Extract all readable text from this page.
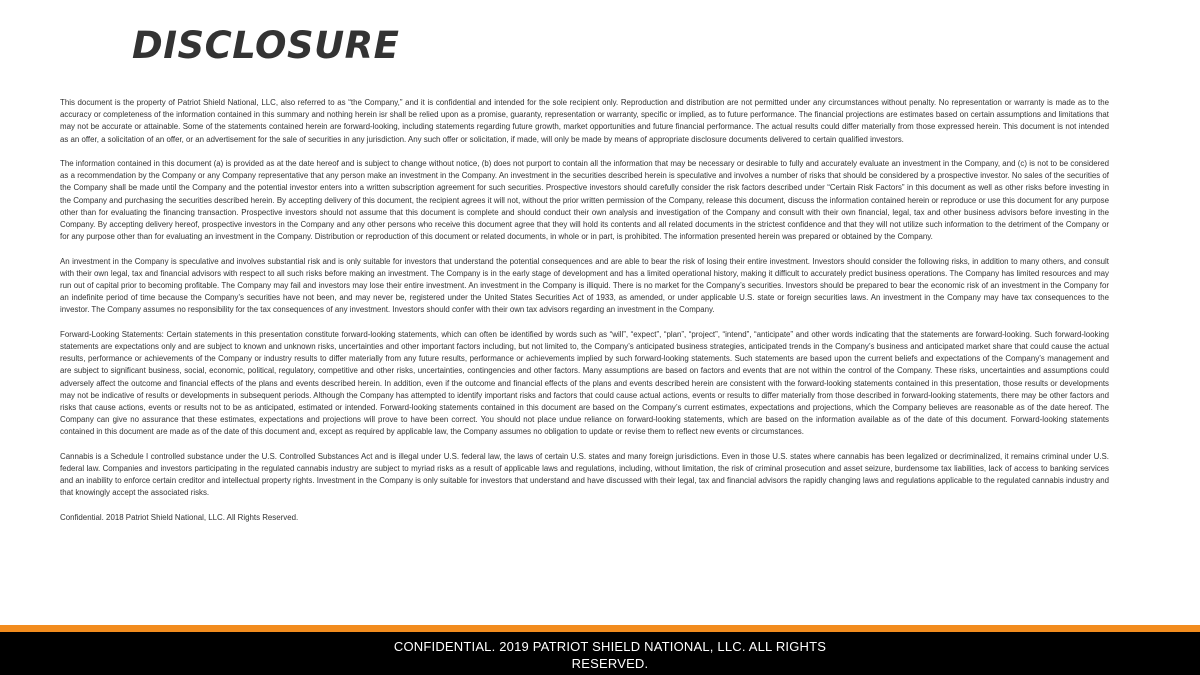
DISCLOSURE

This document is the property of Patriot Shield National, LLC, also referred to as “the Company,” and it is confidential and intended for the sole recipient only. Reproduction and distribution are not permitted under any circumstances without penalty. No representation or warranty is made as to the accuracy or completeness of the information contained in this summary and nothing herein isr shall be relied upon as a promise, guaranty, representation or warranty, specific or implied, as to future performance. The financial projections are estimates based on certain assumptions and limitations that may not be accurate or attainable. Some of the statements contained herein are forward-looking, including statements regarding future growth, market opportunities and future financial performance. The actual results could differ materially from those expressed herein. This document is not intended as an offer, a solicitation of an offer, or an advertisement for the sale of securities in any jurisdiction. Any such offer or solicitation, if made, will only be made by means of appropriate disclosure documents delivered to certain qualified investors.

The information contained in this document (a) is provided as at the date hereof and is subject to change without notice, (b) does not purport to contain all the information that may be necessary or desirable to fully and accurately evaluate an investment in the Company, and (c) is not to be considered as a recommendation by the Company or any Company representative that any person make an investment in the Company. An investment in the securities described herein is speculative and involves a number of risks that should be considered by a prospective investor. No sales of the securities of the Company shall be made until the Company and the potential investor enters into a written subscription agreement for such securities. Prospective investors should carefully consider the risk factors described under “Certain Risk Factors” in this document as well as other risks before investing in the Company and purchasing the securities described herein. By accepting delivery of this document, the recipient agrees it will not, without the prior written permission of the Company, release this document, discuss the information contained herein or reproduce or use this document for any purpose other than for evaluating the financing transaction. Prospective investors should not assume that this document is complete and should conduct their own analysis and investigation of the Company and consult with their own financial, legal, tax and other business advisors before investing in the Company. By accepting delivery hereof, prospective investors in the Company and any other persons who receive this document agree that they will hold its contents and all related documents in the strictest confidence and that they will not utilize such information to the detriment of the Company or for any purpose other than for evaluating an investment in the Company. Distribution or reproduction of this document or related documents, in whole or in part, is prohibited. The information presented herein was prepared or obtained by the Company.

An investment in the Company is speculative and involves substantial risk and is only suitable for investors that understand the potential consequences and are able to bear the risk of losing their entire investment. Investors should consider the following risks, in addition to many others, and consult with their own legal, tax and financial advisors with respect to all such risks before making an investment. The Company is in the early stage of development and has a limited operational history, making it difficult to accurately predict business operations. The Company has limited resources and may run out of capital prior to becoming profitable. The Company may fail and investors may lose their entire investment. An investment in the Company is illiquid. There is no market for the Company’s securities. Investors should be prepared to bear the economic risk of an investment in the Company for an indefinite period of time because the Company’s securities have not been, and may never be, registered under the United States Securities Act of 1933, as amended, or under applicable U.S. state or foreign securities laws. An investment in the Company may have tax consequences to the investor. The Company assumes no responsibility for the tax consequences of any investment. Investors should confer with their own tax advisors regarding an investment in the Company.

Forward-Looking Statements: Certain statements in this presentation constitute forward-looking statements, which can often be identified by words such as “will”, “expect”, “plan”, “project”, “intend”, “anticipate” and other words indicating that the statements are forward-looking. Such forward-looking statements are expectations only and are subject to known and unknown risks, uncertainties and other important factors including, but not limited to, the Company’s anticipated business strategies, anticipated trends in the Company’s business and anticipated market share that could cause the actual results, performance or achievements of the Company or industry results to differ materially from any future results, performance or achievements implied by such forward-looking statements. Such statements are based upon the current beliefs and expectations of the Company’s management and are subject to significant business, social, economic, political, regulatory, competitive and other risks, uncertainties, contingencies and other factors. Many assumptions are based on factors and events that are not within the control of the Company. These risks, uncertainties and assumptions could adversely affect the outcome and financial effects of the plans and events described herein. In addition, even if the outcome and financial effects of the plans and events described herein are consistent with the forward-looking statements contained in this presentation, those results or developments may not be indicative of results or developments in subsequent periods. Although the Company has attempted to identify important risks and factors that could cause actual actions, events or results to differ materially from those described in forward-looking statements, there may be other factors and risks that cause actions, events or results not to be as anticipated, estimated or intended. Forward-looking statements contained in this document are based on the Company’s current estimates, expectations and projections, which the Company believes are reasonable as of the date hereof. The Company can give no assurance that these estimates, expectations and projections will prove to have been correct. You should not place undue reliance on forward-looking statements, which are based on the information available as of the date of this document. Forward-looking statements contained in this document are made as of the date of this document and, except as required by applicable law, the Company assumes no obligation to update or revise them to reflect new events or circumstances.

Cannabis is a Schedule I controlled substance under the U.S. Controlled Substances Act and is illegal under U.S. federal law, the laws of certain U.S. states and many foreign jurisdictions. Even in those U.S. states where cannabis has been legalized or decriminalized, it remains criminal under U.S. federal law. Companies and investors participating in the regulated cannabis industry are subject to myriad risks as a result of applicable laws and regulations, including, without limitation, the risk of criminal prosecution and asset seizure, burdensome tax liabilities, lack of access to banking services and an inability to enforce certain creditor and intellectual property rights. Investment in the Company is only suitable for investors that understand and have discussed with their legal, tax and financial advisors the rapidly changing laws and regulations applicable to the regulated cannabis industry and that knowingly accept the associated risks.

Confidential. 2018 Patriot Shield National, LLC. All Rights Reserved.

CONFIDENTIAL. 2019 PATRIOT SHIELD NATIONAL, LLC. ALL RIGHTS RESERVED.
